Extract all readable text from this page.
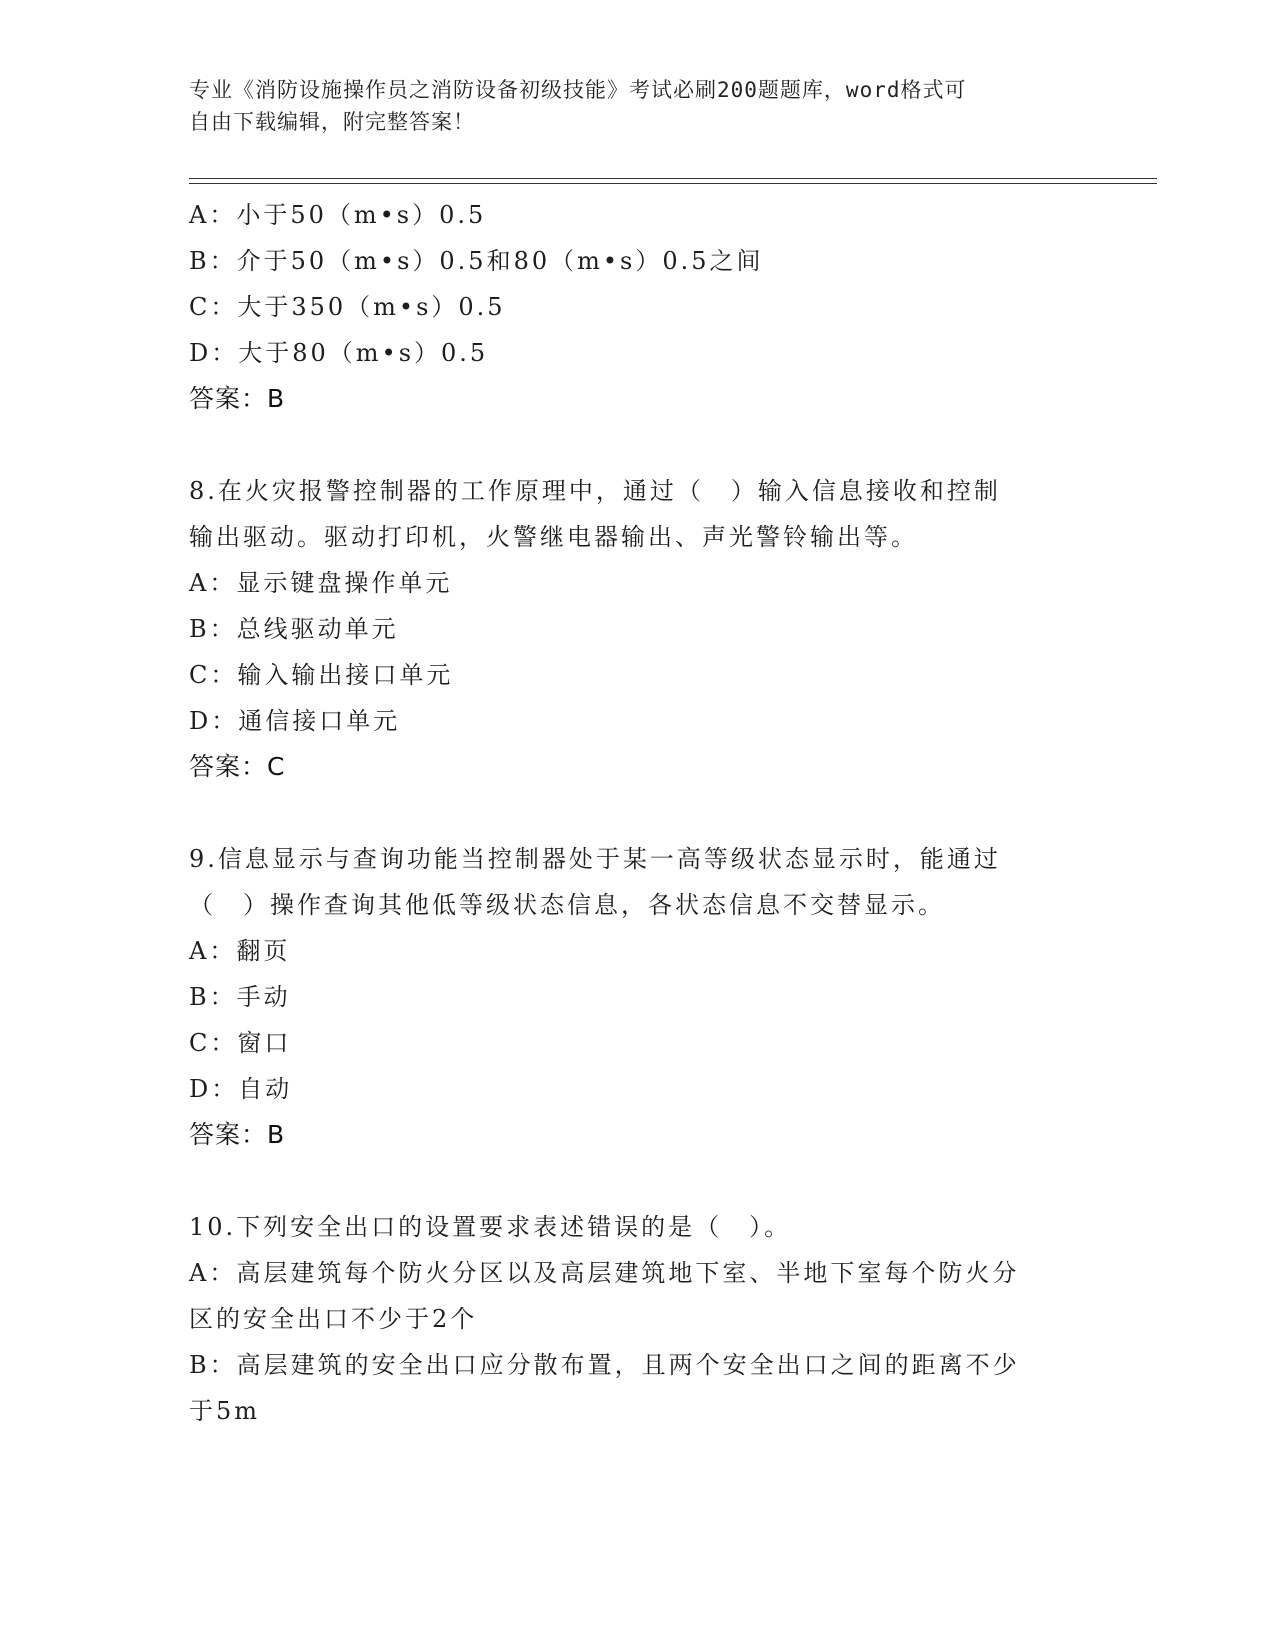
专业《消防设施操作员之消防设备初级技能》考试必刷200题题库，word格式可
自由下载编辑，附完整答案！
A：小于50（m•s）0.5
B：介于50（m•s）0.5和80（m•s）0.5之间
C：大于350（m•s）0.5
D：大于80（m•s）0.5
答案：B
8.在火灾报警控制器的工作原理中，通过（　）输入信息接收和控制
输出驱动。驱动打印机，火警继电器输出、声光警铃输出等。
A：显示键盘操作单元
B：总线驱动单元
C：输入输出接口单元
D：通信接口单元
答案：C
9.信息显示与查询功能当控制器处于某一高等级状态显示时，能通过
（　）操作查询其他低等级状态信息，各状态信息不交替显示。
A：翻页
B：手动
C：窗口
D：自动
答案：B
10.下列安全出口的设置要求表述错误的是（　）。
A：高层建筑每个防火分区以及高层建筑地下室、半地下室每个防火分
区的安全出口不少于2个
B：高层建筑的安全出口应分散布置，且两个安全出口之间的距离不少
于5m
